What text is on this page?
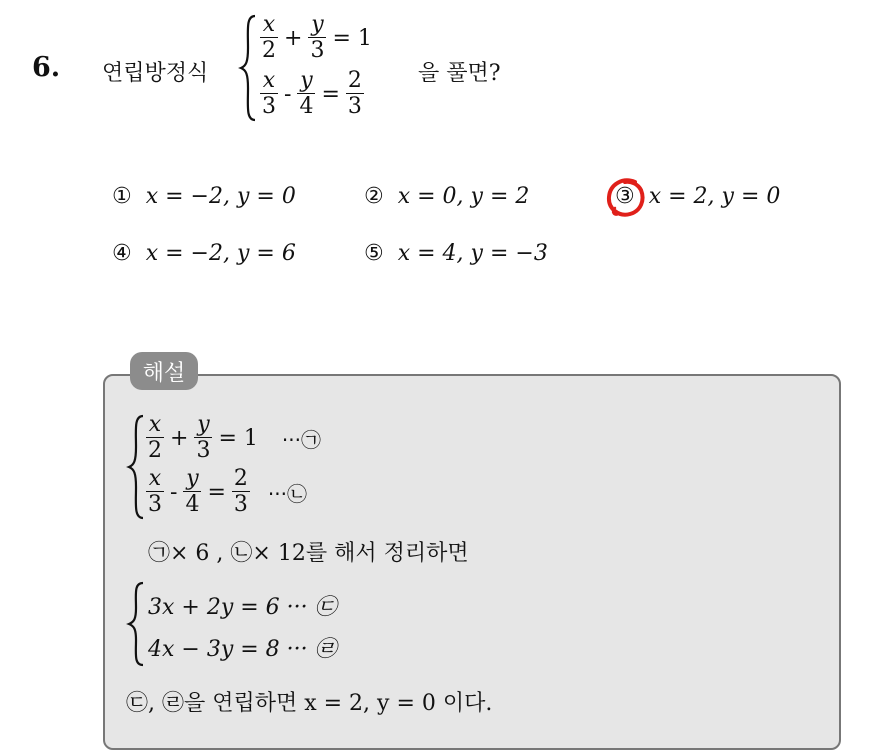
6. 연립방정식
$\frac{x}{2} + \frac{y}{3} = 1$
$\frac{x}{3} - \frac{y}{4} = \frac{2}{3}$ 을 풀면?
① x = −2, y = 0	② x = 0, y = 2	③ x = 2, y = 0
④ x = −2, y = 6	⑤ x = 4, y = −3
해설
$\frac{x}{2} + \frac{y}{3} = 1$	···㉠
$\frac{x}{3} - \frac{y}{4} = \frac{2}{3}$ ···㉡
㉠× 6 , ㉡× 12를 해서 정리하면
3x + 2y = 6 ··· ㉢
4x − 3y = 8 ··· ㉣
㉢, ㉣을 연립하면 x = 2, y = 0 이다.
